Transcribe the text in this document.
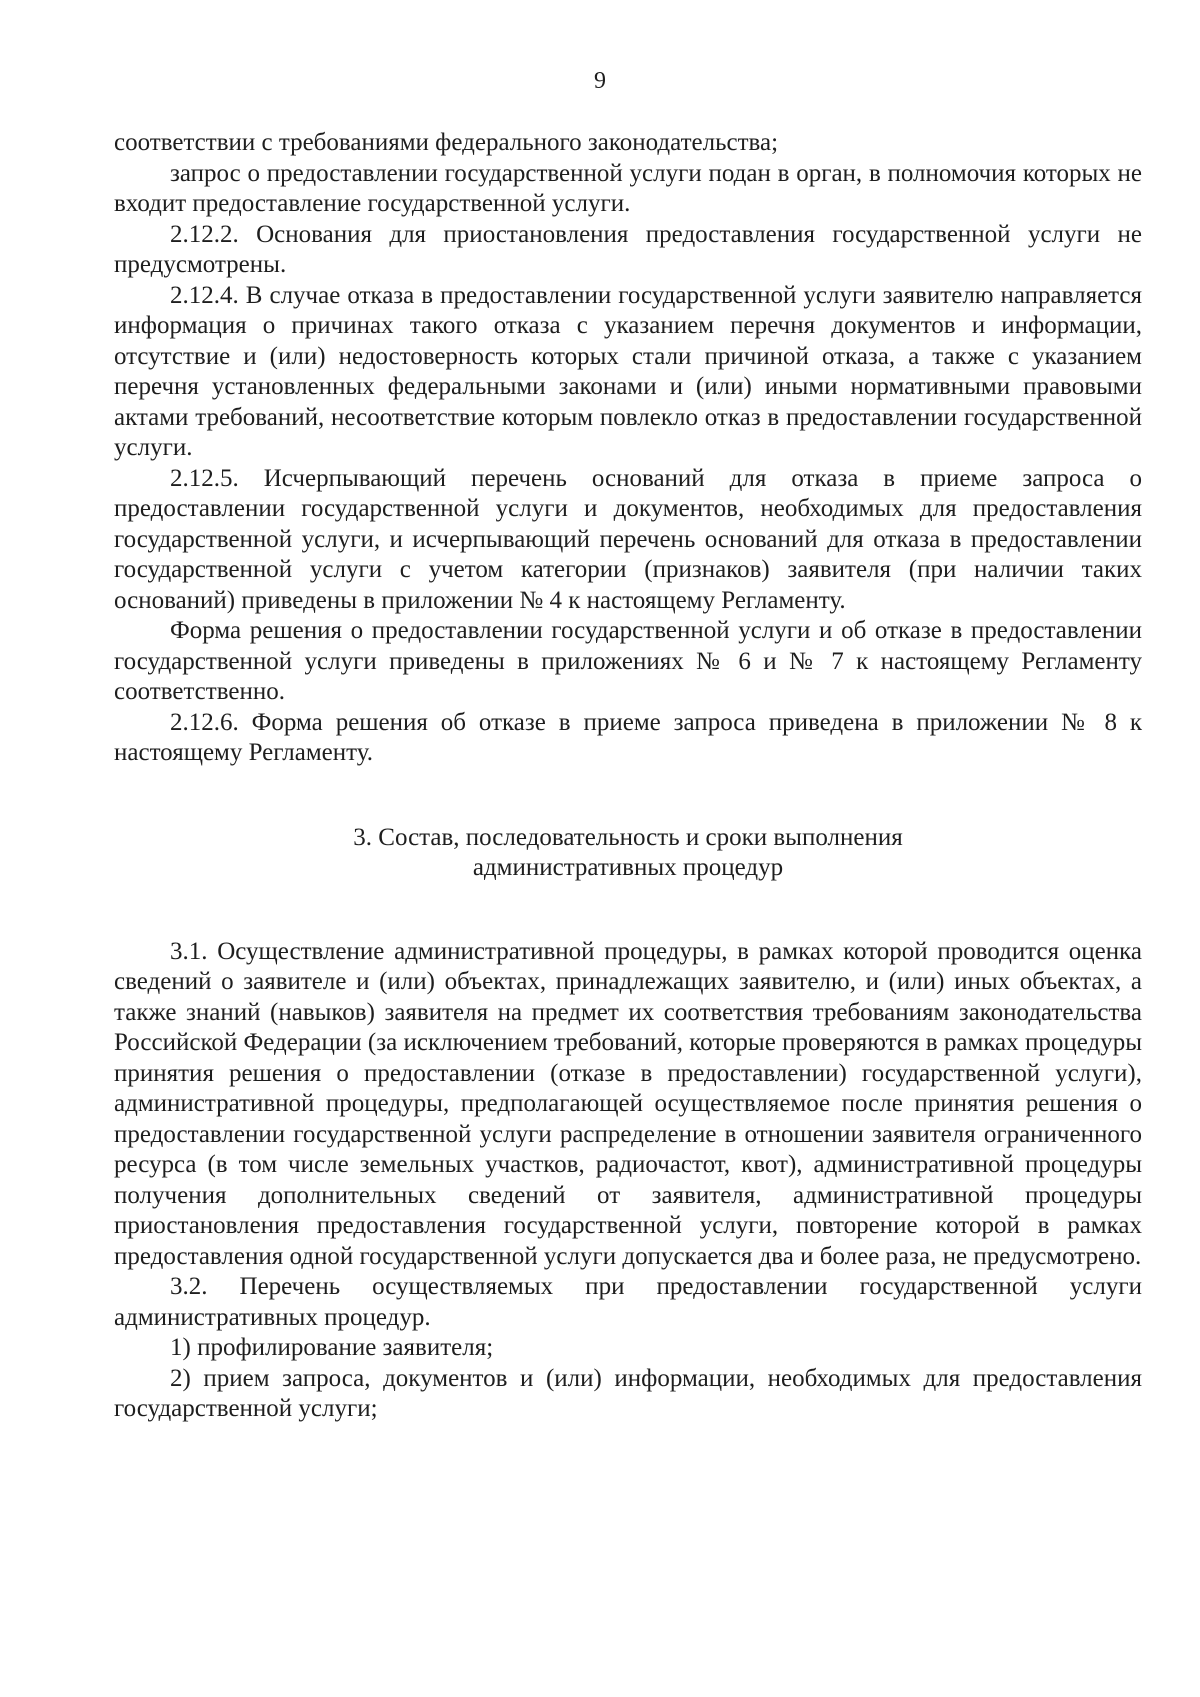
9

соответствии с требованиями федерального законодательства;

запрос о предоставлении государственной услуги подан в орган, в полномочия которых не входит предоставление государственной услуги.

2.12.2. Основания для приостановления предоставления государственной услуги не предусмотрены.

2.12.4. В случае отказа в предоставлении государственной услуги заявителю направляется информация о причинах такого отказа с указанием перечня документов и информации, отсутствие и (или) недостоверность которых стали причиной отказа, а также с указанием перечня установленных федеральными законами и (или) иными нормативными правовыми актами требований, несоответствие которым повлекло отказ в предоставлении государственной услуги.

2.12.5. Исчерпывающий перечень оснований для отказа в приеме запроса о предоставлении государственной услуги и документов, необходимых для предоставления государственной услуги, и исчерпывающий перечень оснований для отказа в предоставлении государственной услуги с учетом категории (признаков) заявителя (при наличии таких оснований) приведены в приложении № 4 к настоящему Регламенту.

Форма решения о предоставлении государственной услуги и об отказе в предоставлении государственной услуги приведены в приложениях № 6 и № 7 к настоящему Регламенту соответственно.

2.12.6. Форма решения об отказе в приеме запроса приведена в приложении № 8 к настоящему Регламенту.

3. Состав, последовательность и сроки выполнения
административных процедур

3.1. Осуществление административной процедуры, в рамках которой проводится оценка сведений о заявителе и (или) объектах, принадлежащих заявителю, и (или) иных объектах, а также знаний (навыков) заявителя на предмет их соответствия требованиям законодательства Российской Федерации (за исключением требований, которые проверяются в рамках процедуры принятия решения о предоставлении (отказе в предоставлении) государственной услуги), административной процедуры, предполагающей осуществляемое после принятия решения о предоставлении государственной услуги распределение в отношении заявителя ограниченного ресурса (в том числе земельных участков, радиочастот, квот), административной процедуры получения дополнительных сведений от заявителя, административной процедуры приостановления предоставления государственной услуги, повторение которой в рамках предоставления одной государственной услуги допускается два и более раза, не предусмотрено.

3.2. Перечень осуществляемых при предоставлении государственной услуги административных процедур.

1) профилирование заявителя;

2) прием запроса, документов и (или) информации, необходимых для предоставления государственной услуги;
